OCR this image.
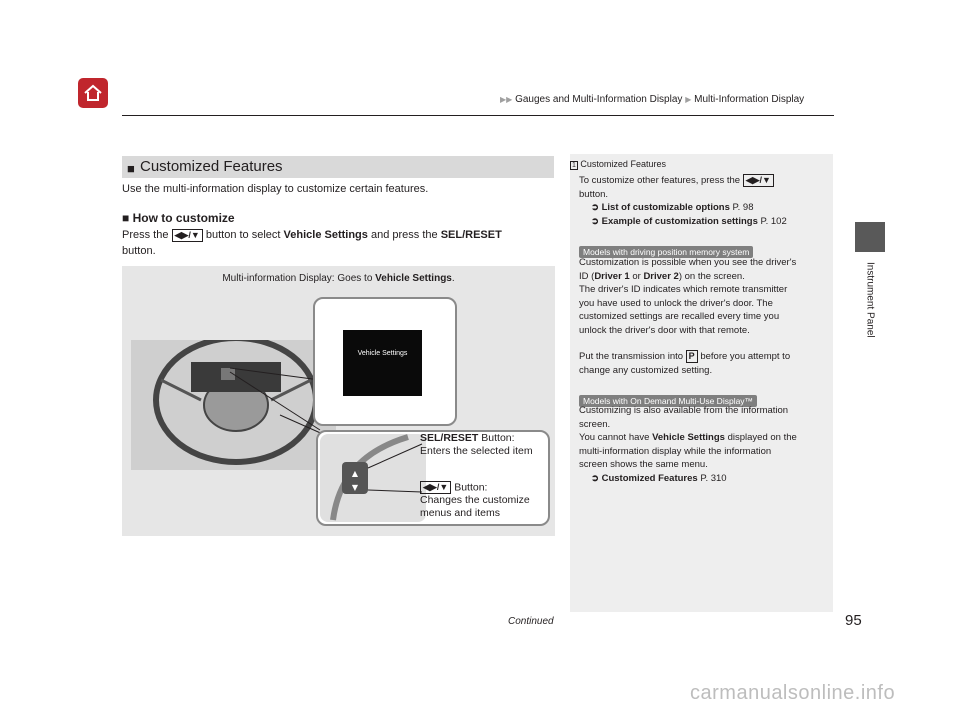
▶▶ Gauges and Multi-Information Display ▶ Multi-Information Display
Instrument Panel
■ Customized Features
Use the multi-information display to customize certain features.
■ How to customize
Press the ◀▶/▼ button to select Vehicle Settings and press the SEL/RESET
button.
Multi-information Display: Goes to Vehicle Settings.
Vehicle Settings
▲
▼
SEL/RESET Button:
Enters the selected item
◀▶/▼ Button:
Changes the customize
menus and items
1 Customized Features
To customize other features, press the ◀▶/▼
button.
➲ List of customizable options P. 98
➲ Example of customization settings P. 102
Models with driving position memory system
Customization is possible when you see the driver's
ID (Driver 1 or Driver 2) on the screen.
The driver's ID indicates which remote transmitter
you have used to unlock the driver's door. The
customized settings are recalled every time you
unlock the driver's door with that remote.
Put the transmission into P before you attempt to
change any customized setting.
Models with On Demand Multi-Use Display™
Customizing is also available from the information
screen.
You cannot have Vehicle Settings displayed on the
multi-information display while the information
screen shows the same menu.
➲ Customized Features P. 310
Continued	95
carmanualsonline.info
